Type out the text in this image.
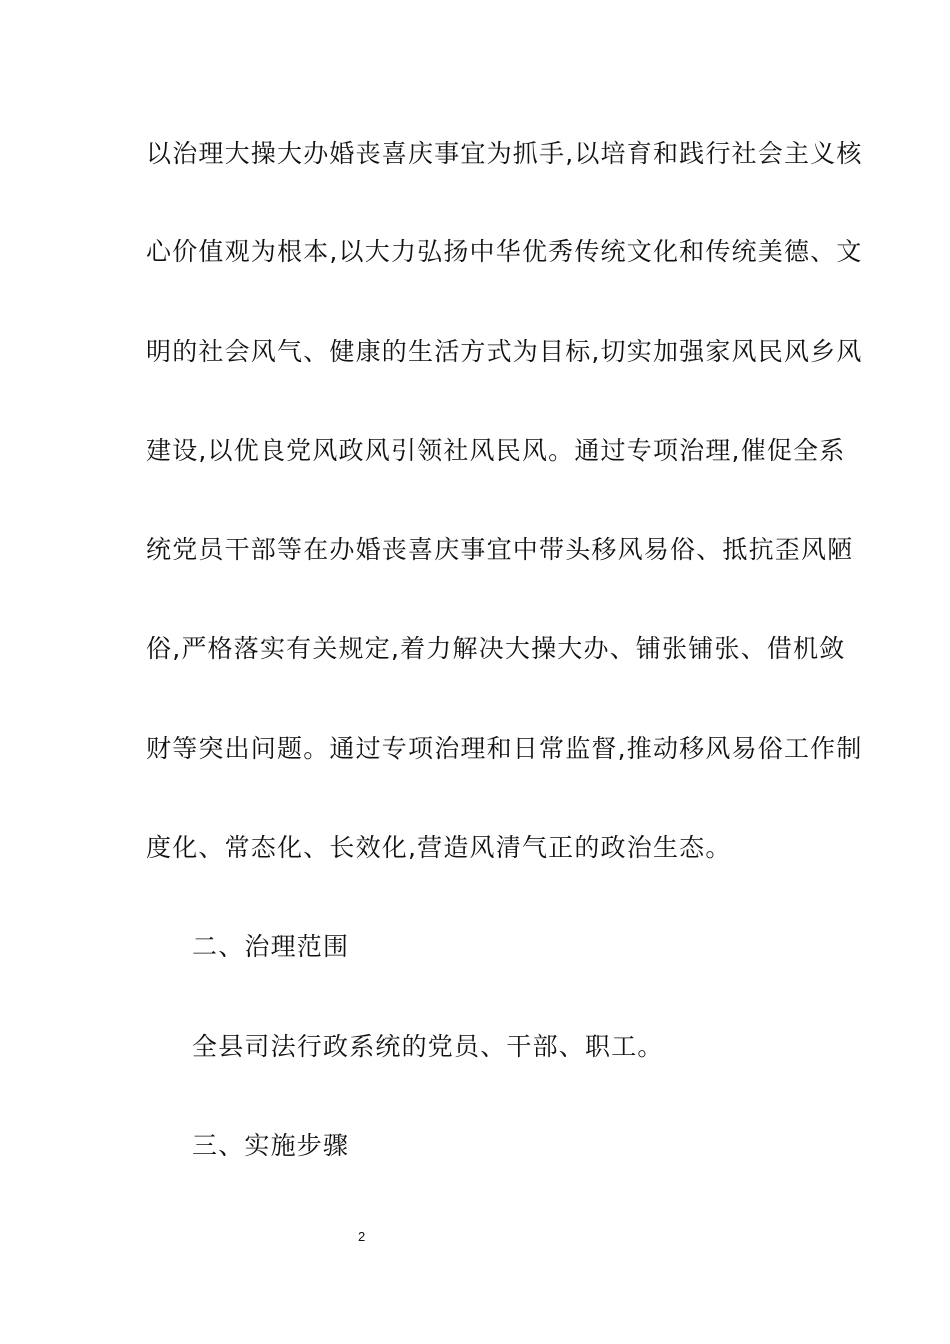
以治理大操大办婚丧喜庆事宜为抓手,以培育和践行社会主义核
心价值观为根本,以大力弘扬中华优秀传统文化和传统美德、文
明的社会风气、健康的生活方式为目标,切实加强家风民风乡风
建设,以优良党风政风引领社风民风。通过专项治理,催促全系
统党员干部等在办婚丧喜庆事宜中带头移风易俗、抵抗歪风陋
俗,严格落实有关规定,着力解决大操大办、铺张铺张、借机敛
财等突出问题。通过专项治理和日常监督,推动移风易俗工作制
度化、常态化、长效化,营造风清气正的政治生态。
二、治理范围
全县司法行政系统的党员、干部、职工。
三、实施步骤
2
